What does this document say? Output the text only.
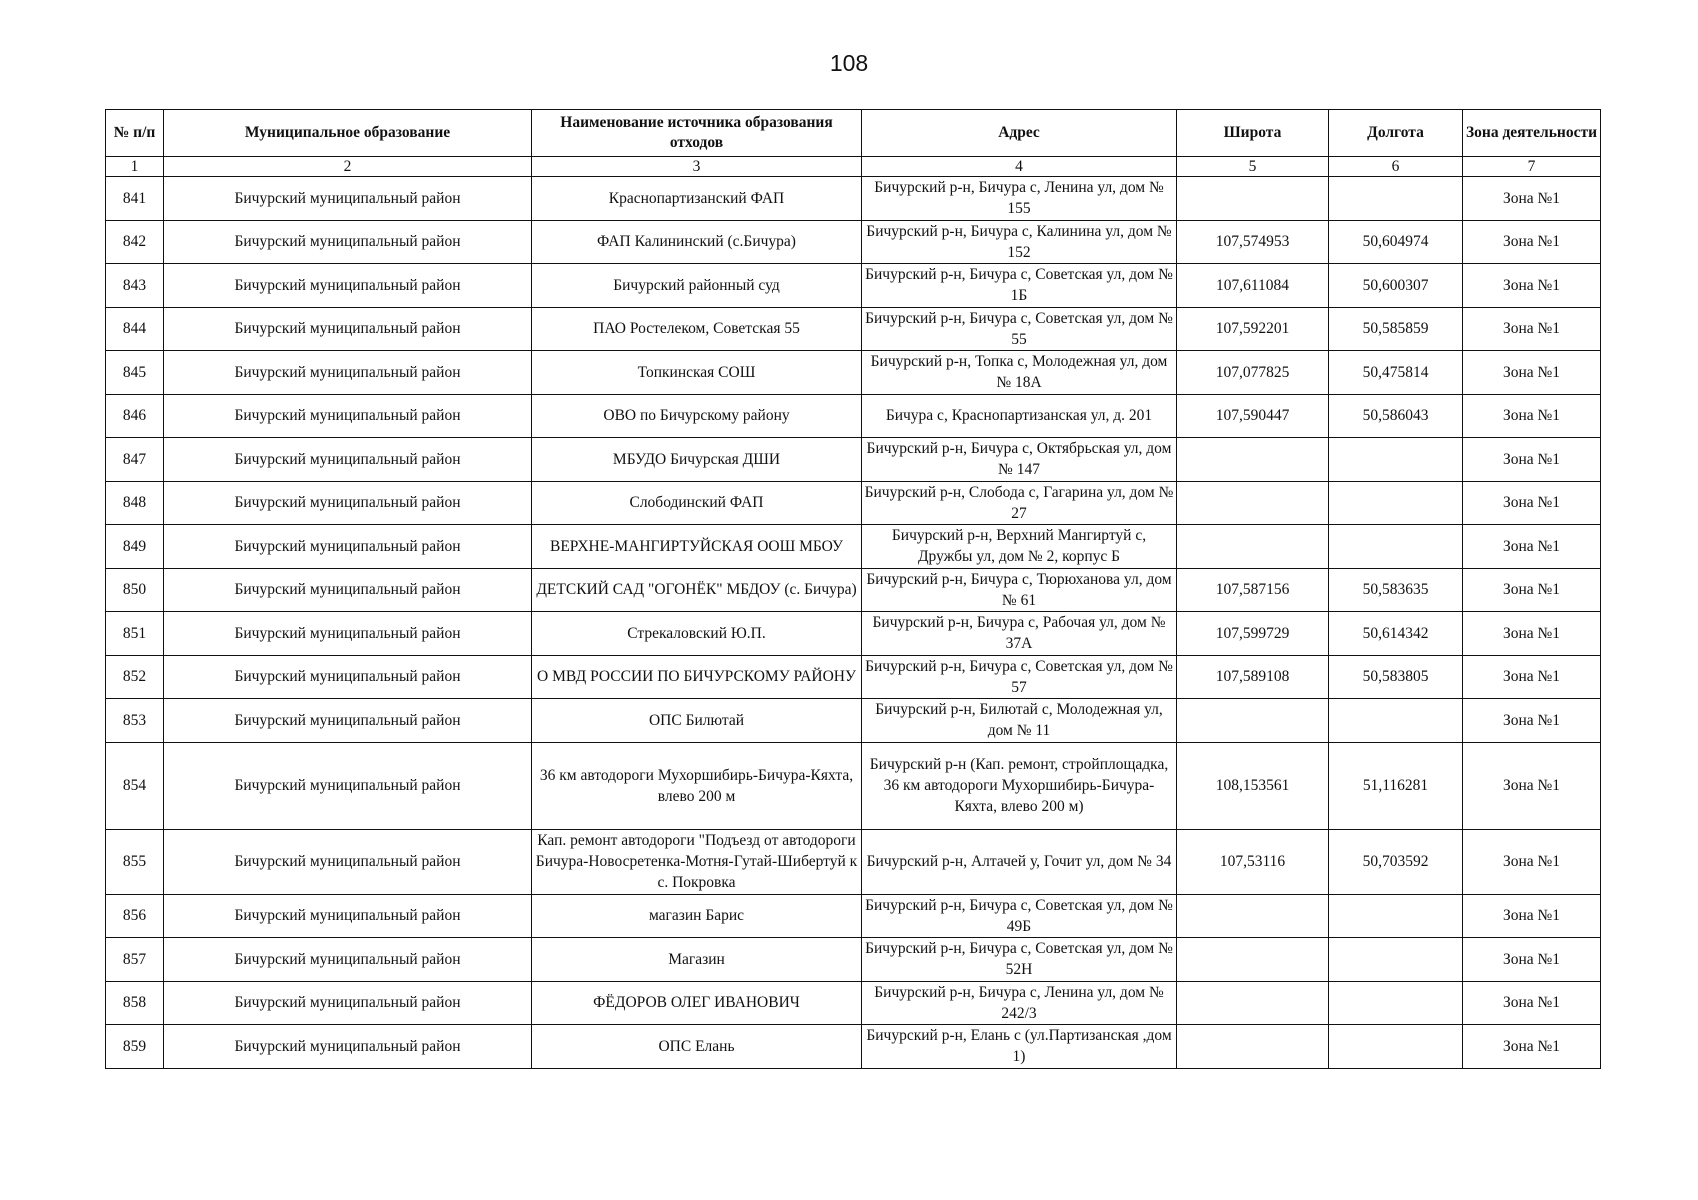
108
№ п/п	Муниципальное образование	Наименование источника образования отходов	Адрес	Широта	Долгота	Зона деятельности
1	2	3	4	5	6	7
841	Бичурский муниципальный район	Краснопартизанский ФАП	Бичурский р-н, Бичура с, Ленина ул, дом № 155			Зона №1
842	Бичурский муниципальный район	ФАП Калининский (с.Бичура)	Бичурский р-н, Бичура с, Калинина ул, дом № 152	107,574953	50,604974	Зона №1
843	Бичурский муниципальный район	Бичурский районный суд	Бичурский р-н, Бичура с, Советская ул, дом № 1Б	107,611084	50,600307	Зона №1
844	Бичурский муниципальный район	ПАО Ростелеком, Советская 55	Бичурский р-н, Бичура с, Советская ул, дом № 55	107,592201	50,585859	Зона №1
845	Бичурский муниципальный район	Топкинская СОШ	Бичурский р-н, Топка с, Молодежная ул, дом № 18А	107,077825	50,475814	Зона №1
846	Бичурский муниципальный район	ОВО по Бичурскому району	Бичура с, Краснопартизанская ул, д. 201	107,590447	50,586043	Зона №1
847	Бичурский муниципальный район	МБУДО Бичурская ДШИ	Бичурский р-н, Бичура с, Октябрьская ул, дом № 147			Зона №1
848	Бичурский муниципальный район	Слободинский ФАП	Бичурский р-н, Слобода с, Гагарина ул, дом № 27			Зона №1
849	Бичурский муниципальный район	ВЕРХНЕ-МАНГИРТУЙСКАЯ ООШ МБОУ	Бичурский р-н, Верхний Мангиртуй с, Дружбы ул, дом № 2, корпус Б			Зона №1
850	Бичурский муниципальный район	ДЕТСКИЙ САД "ОГОНЁК" МБДОУ (с. Бичура)	Бичурский р-н, Бичура с, Тюрюханова ул, дом № 61	107,587156	50,583635	Зона №1
851	Бичурский муниципальный район	Стрекаловский Ю.П.	Бичурский р-н, Бичура с, Рабочая ул, дом № 37А	107,599729	50,614342	Зона №1
852	Бичурский муниципальный район	О МВД РОССИИ ПО БИЧУРСКОМУ РАЙОНУ	Бичурский р-н, Бичура с, Советская ул, дом № 57	107,589108	50,583805	Зона №1
853	Бичурский муниципальный район	ОПС Билютай	Бичурский р-н, Билютай с, Молодежная ул, дом № 11			Зона №1
854	Бичурский муниципальный район	36 км автодороги Мухоршибирь-Бичура-Кяхта, влево 200 м	Бичурский р-н (Кап. ремонт, стройплощадка, 36 км автодороги Мухоршибирь-Бичура-Кяхта, влево 200 м)	108,153561	51,116281	Зона №1
855	Бичурский муниципальный район	Кап. ремонт автодороги "Подъезд от автодороги Бичура-Новосретенка-Мотня-Гутай-Шибертуй к с. Покровка	Бичурский р-н, Алтачей у, Гочит ул, дом № 34	107,53116	50,703592	Зона №1
856	Бичурский муниципальный район	магазин Барис	Бичурский р-н, Бичура с, Советская ул, дом № 49Б			Зона №1
857	Бичурский муниципальный район	Магазин	Бичурский р-н, Бичура с, Советская ул, дом № 52Н			Зона №1
858	Бичурский муниципальный район	ФЁДОРОВ ОЛЕГ ИВАНОВИЧ	Бичурский р-н, Бичура с, Ленина ул, дом № 242/3			Зона №1
859	Бичурский муниципальный район	ОПС Елань	Бичурский р-н, Елань с (ул.Партизанская ,дом 1)			Зона №1
